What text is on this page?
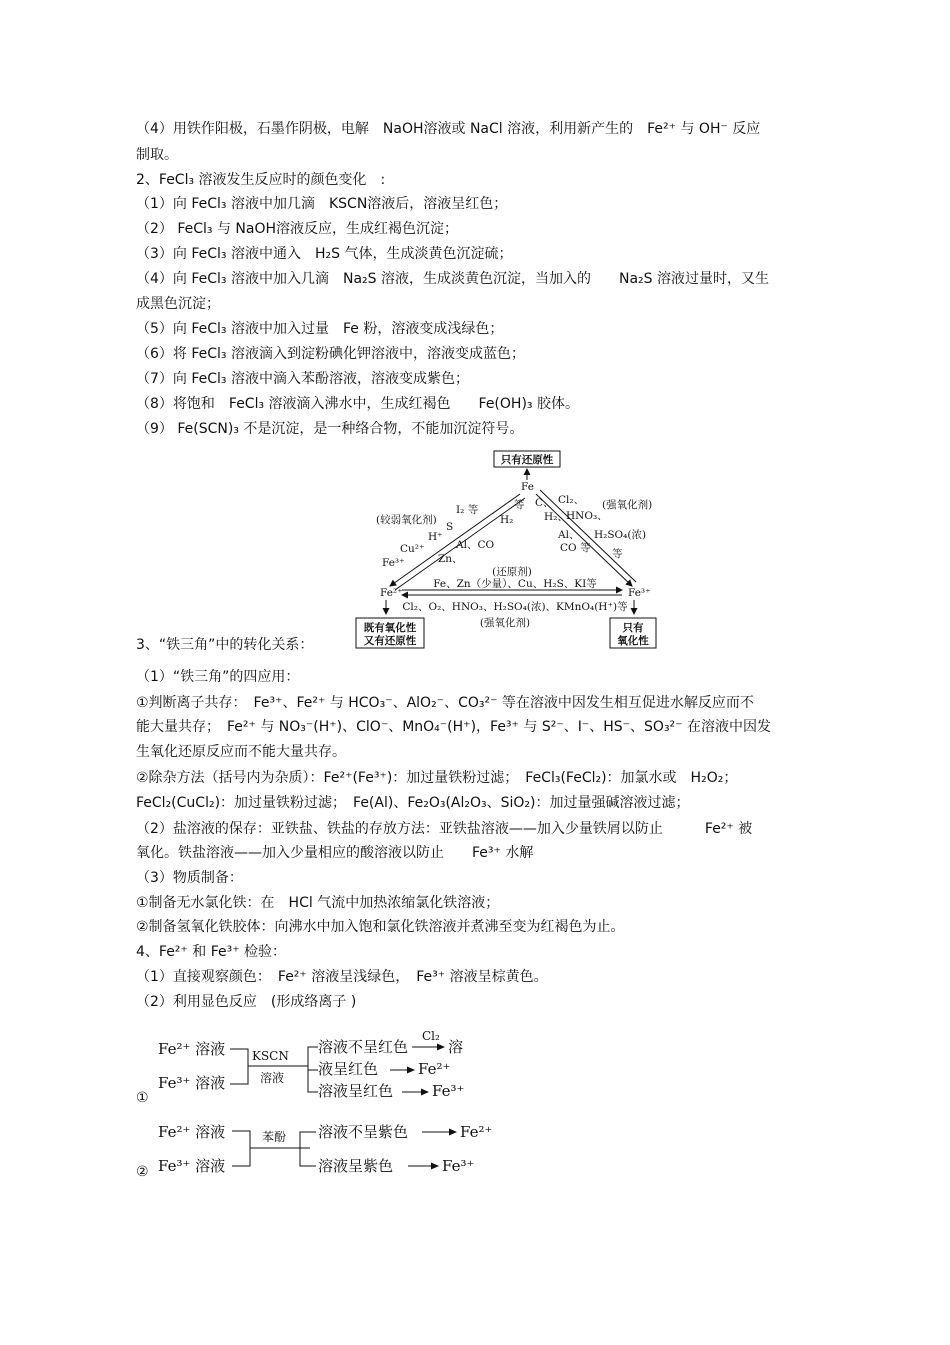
（4）用铁作阳极，石墨作阴极，电解　NaOH溶液或 NaCl 溶液，利用新产生的　Fe²⁺ 与 OH⁻ 反应
制取。
2、FeCl₃ 溶液发生反应时的颜色变化　:
（1）向 FeCl₃ 溶液中加几滴　KSCN溶液后，溶液呈红色；
（2） FeCl₃ 与 NaOH溶液反应，生成红褐色沉淀；
（3）向 FeCl₃ 溶液中通入　H₂S 气体，生成淡黄色沉淀硫；
（4）向 FeCl₃ 溶液中加入几滴　Na₂S 溶液，生成淡黄色沉淀，当加入的　　Na₂S 溶液过量时，又生
成黑色沉淀；
（5）向 FeCl₃ 溶液中加入过量　Fe 粉，溶液变成浅绿色；
（6）将 FeCl₃ 溶液滴入到淀粉碘化钾溶液中，溶液变成蓝色；
（7）向 FeCl₃ 溶液中滴入苯酚溶液，溶液变成紫色；
（8）将饱和　FeCl₃ 溶液滴入沸水中，生成红褐色　　Fe(OH)₃ 胶体。
（9） Fe(SCN)₃ 不是沉淀，是一种络合物，不能加沉淀符号。
只有还原性
Fe
Fe²⁺	Fe³⁺
既有氧化性
又有还原性
只有
氧化性
(较弱氧化剂)
I₂ 等
S
H⁺
Cu²⁺
Fe³⁺
H₂
等
Al、CO
Zn、
C、
H₂、
Al、
CO 等
(强氧化剂)
Cl₂、
HNO₃、
H₂SO₄(浓)
等
(还原剂)
Fe、Zn（少量）、Cu、H₂S、KI等
Cl₂、O₂、HNO₃、H₂SO₄(浓)、KMnO₄(H⁺)等
(强氧化剂)
3、“铁三角”中的转化关系：
（1）“铁三角”的四应用：
①判断离子共存：　Fe³⁺、Fe²⁺ 与 HCO₃⁻、AlO₂⁻、CO₃²⁻ 等在溶液中因发生相互促进水解反应而不
能大量共存；　Fe²⁺ 与 NO₃⁻(H⁺)、ClO⁻、MnO₄⁻(H⁺)，Fe³⁺ 与 S²⁻、I⁻、HS⁻、SO₃²⁻ 在溶液中因发
生氧化还原反应而不能大量共存。
②除杂方法（括号内为杂质）：Fe²⁺(Fe³⁺)：加过量铁粉过滤；　FeCl₃(FeCl₂)：加氯水或　H₂O₂；
FeCl₂(CuCl₂)：加过量铁粉过滤；　Fe(Al)、Fe₂O₃(Al₂O₃、SiO₂)：加过量强碱溶液过滤；
（2）盐溶液的保存：亚铁盐、铁盐的存放方法：亚铁盐溶液——加入少量铁屑以防止　　　Fe²⁺ 被
氧化。铁盐溶液——加入少量相应的酸溶液以防止　　Fe³⁺ 水解
（3）物质制备：
①制备无水氯化铁：在　HCl 气流中加热浓缩氯化铁溶液；
②制备氢氧化铁胶体：向沸水中加入饱和氯化铁溶液并煮沸至变为红褐色为止。
4、Fe²⁺ 和 Fe³⁺ 检验：
（1）直接观察颜色：　Fe²⁺ 溶液呈浅绿色，　Fe³⁺ 溶液呈棕黄色。
（2）利用显色反应　(形成络离子 )
Fe²⁺ 溶液
Fe³⁺ 溶液
KSCN
溶液
溶液不呈红色
Cl₂
溶
液呈红色	Fe²⁺
溶液呈红色	Fe³⁺
①
Fe²⁺ 溶液
Fe³⁺ 溶液
苯酚 溶液不呈紫色	Fe²⁺
溶液呈紫色	Fe³⁺
②
